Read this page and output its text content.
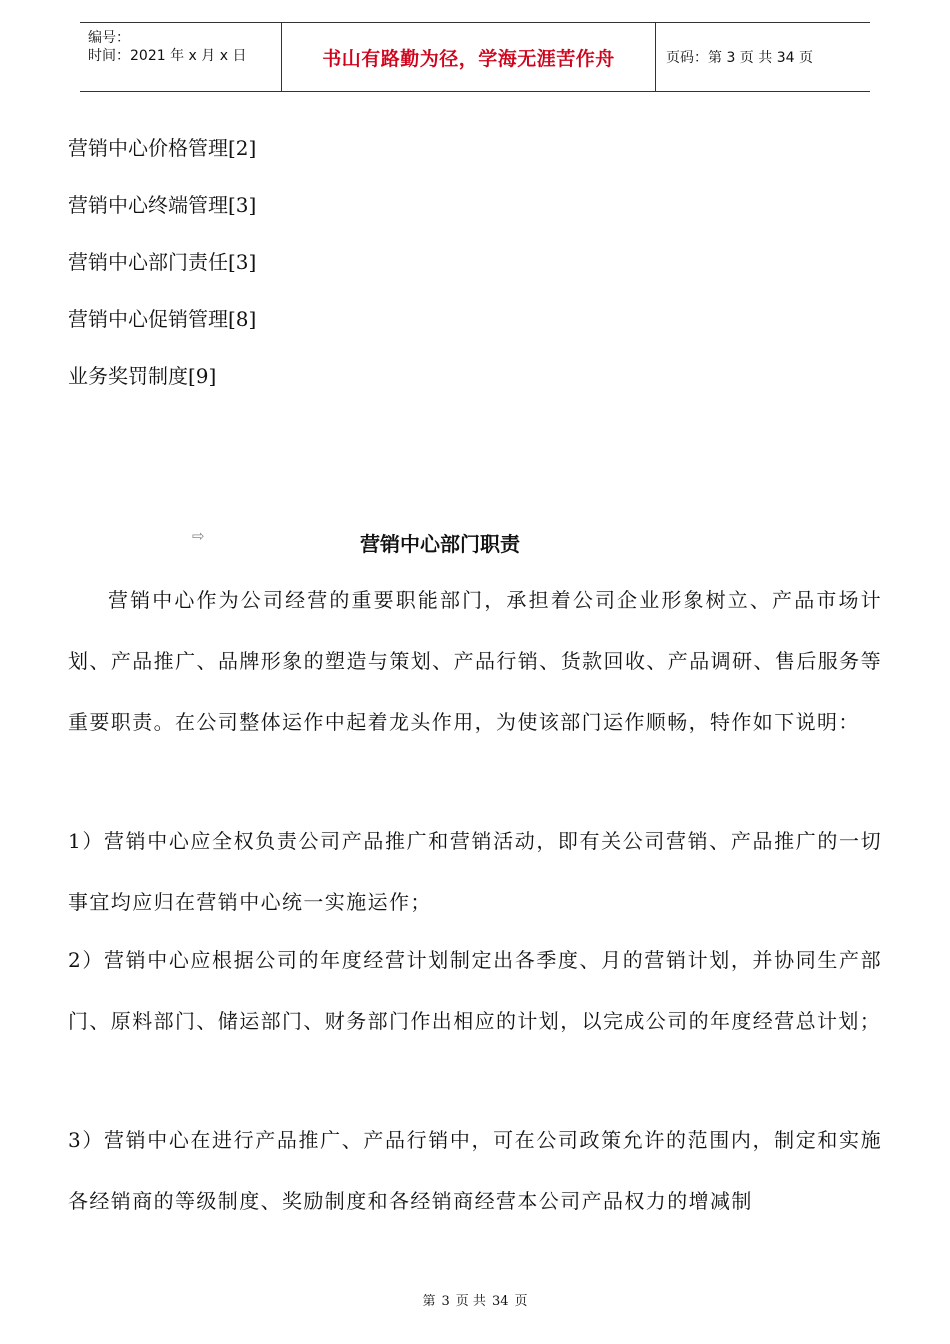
编号：
时间：2021 年 x 月 x 日	书山有路勤为径，学海无涯苦作舟	页码：第 3 页 共 34 页
营销中心价格管理[2]
营销中心终端管理[3]
营销中心部门责任[3]
营销中心促销管理[8]
业务奖罚制度[9]
⇨	营销中心部门职责

营销中心作为公司经营的重要职能部门，承担着公司企业形象树立、产品市场计划、产品推广、品牌形象的塑造与策划、产品行销、货款回收、产品调研、售后服务等重要职责。在公司整体运作中起着龙头作用，为使该部门运作顺畅，特作如下说明：

1）营销中心应全权负责公司产品推广和营销活动，即有关公司营销、产品推广的一切事宜均应归在营销中心统一实施运作；

2）营销中心应根据公司的年度经营计划制定出各季度、月的营销计划，并协同生产部门、原料部门、储运部门、财务部门作出相应的计划，以完成公司的年度经营总计划；

3）营销中心在进行产品推广、产品行销中，可在公司政策允许的范围内，制定和实施各经销商的等级制度、奖励制度和各经销商经营本公司产品权力的增减制

第 3 页 共 34 页
